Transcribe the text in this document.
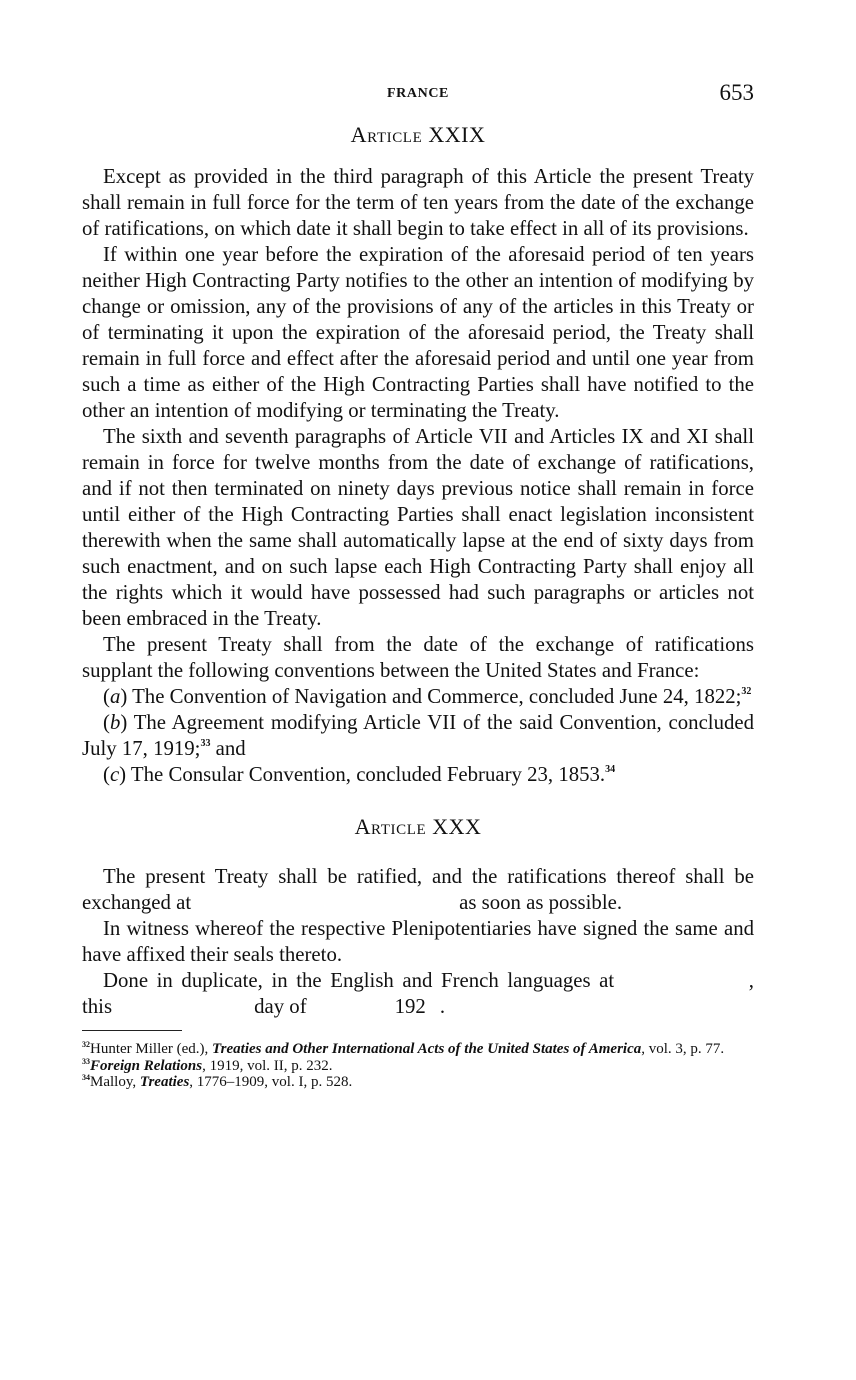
FRANCE	653
Article XXIX

Except as provided in the third paragraph of this Article the present Treaty shall remain in full force for the term of ten years from the date of the exchange of ratifications, on which date it shall begin to take effect in all of its provisions.

If within one year before the expiration of the aforesaid period of ten years neither High Contracting Party notifies to the other an intention of modifying by change or omission, any of the provisions of any of the articles in this Treaty or of terminating it upon the expiration of the aforesaid period, the Treaty shall remain in full force and effect after the aforesaid period and until one year from such a time as either of the High Contracting Parties shall have notified to the other an intention of modifying or terminating the Treaty.

The sixth and seventh paragraphs of Article VII and Articles IX and XI shall remain in force for twelve months from the date of exchange of ratifications, and if not then terminated on ninety days previous notice shall remain in force until either of the High Contracting Parties shall enact legislation inconsistent therewith when the same shall automatically lapse at the end of sixty days from such enactment, and on such lapse each High Contracting Party shall enjoy all the rights which it would have possessed had such paragraphs or articles not been embraced in the Treaty.

The present Treaty shall from the date of the exchange of ratifications supplant the following conventions between the United States and France:

(a) The Convention of Navigation and Commerce, concluded June 24, 1822;$^{32}$

(b) The Agreement modifying Article VII of the said Convention, concluded July 17, 1919;$^{33}$ and

(c) The Consular Convention, concluded February 23, 1853.34

Article XXX

The present Treaty shall be ratified, and the ratifications thereof shall be exchanged at	as soon as possible.

In witness whereof the respective Plenipotentiaries have signed the same and have affixed their seals thereto.

Done in duplicate, in the English and French languages at	, this	day of	192 .

$^{32}$Hunter Miller (ed.), Treaties and Other International Acts of the United States of America, vol. 3, p. 77.
$^{33}$Foreign Relations, 1919, vol. II, p. 232.
$^{34}$Malloy, Treaties, 1776–1909, vol. I, p. 528.
